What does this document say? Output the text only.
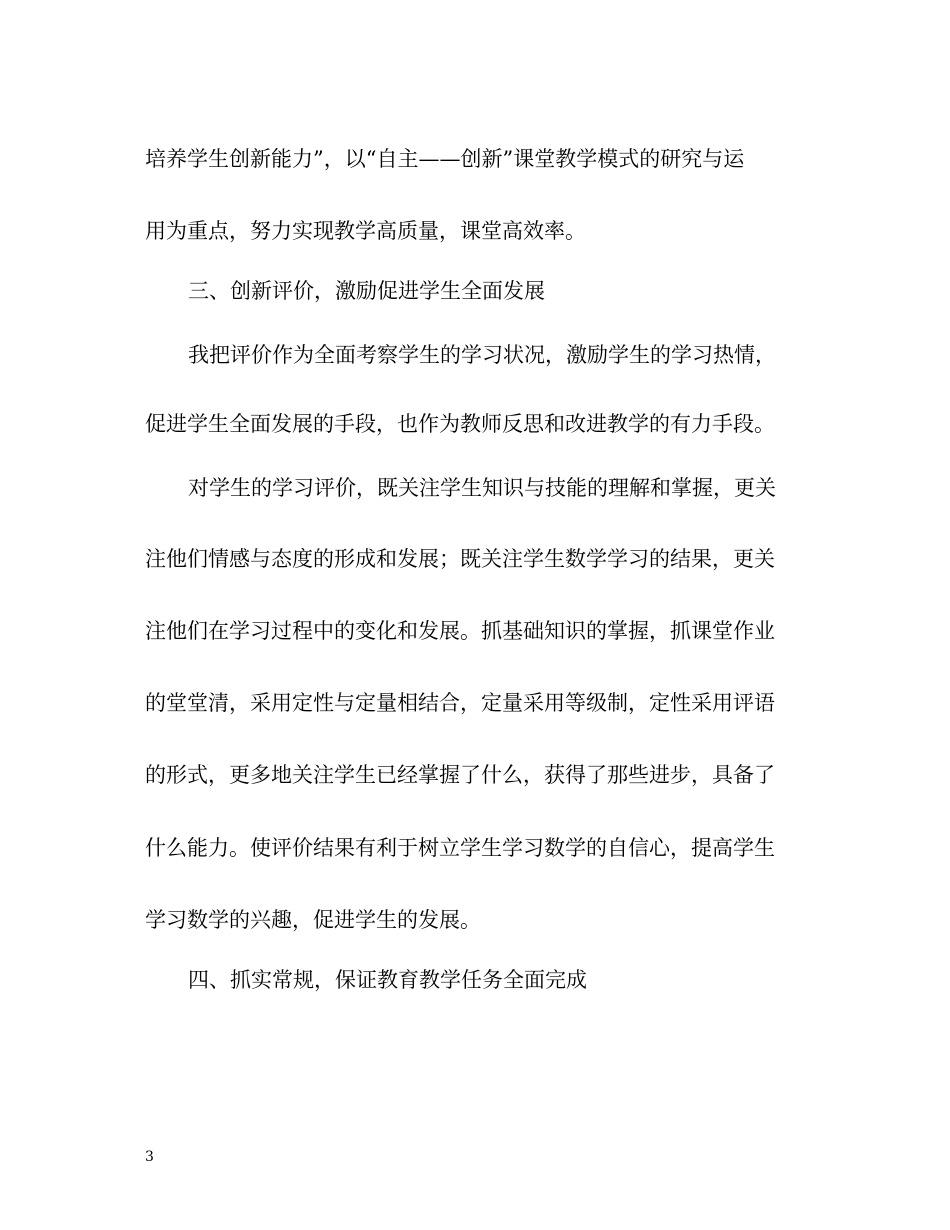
培养学生创新能力”，以“自主——创新”课堂教学模式的研究与运
用为重点，努力实现教学高质量，课堂高效率。
三、创新评价，激励促进学生全面发展
我把评价作为全面考察学生的学习状况，激励学生的学习热情，
促进学生全面发展的手段，也作为教师反思和改进教学的有力手段。
对学生的学习评价，既关注学生知识与技能的理解和掌握，更关
注他们情感与态度的形成和发展；既关注学生数学学习的结果，更关
注他们在学习过程中的变化和发展。抓基础知识的掌握，抓课堂作业
的堂堂清，采用定性与定量相结合，定量采用等级制，定性采用评语
的形式，更多地关注学生已经掌握了什么，获得了那些进步，具备了
什么能力。使评价结果有利于树立学生学习数学的自信心，提高学生
学习数学的兴趣，促进学生的发展。
四、抓实常规，保证教育教学任务全面完成
3
